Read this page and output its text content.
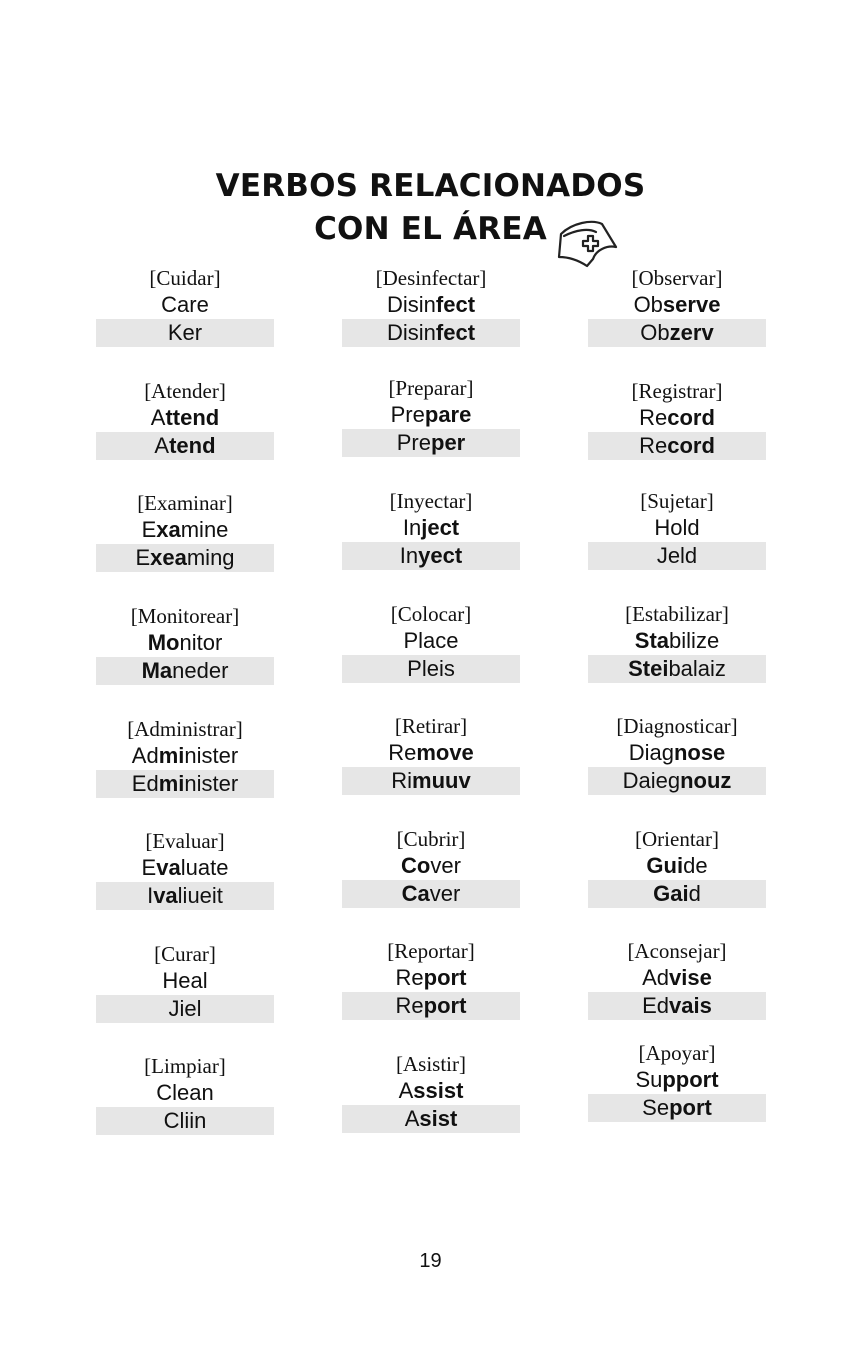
VERBOS RELACIONADOS
CON EL ÁREA
[Cuidar]
Care
Ker
[Atender]
Attend
Atend
[Examinar]
Examine
Exeaming
[Monitorear]
Monitor
Maneder
[Administrar]
Administer
Edminister
[Evaluar]
Evaluate
Ivaliueit
[Curar]
Heal
Jiel
[Limpiar]
Clean
Cliin
[Desinfectar]
Disinfect
Disinfect
[Preparar]
Prepare
Preper
[Inyectar]
Inject
Inyect
[Colocar]
Place
Pleis
[Retirar]
Remove
Rimuuv
[Cubrir]
Cover
Caver
[Reportar]
Report
Report
[Asistir]
Assist
Asist
[Observar]
Observe
Obzerv
[Registrar]
Record
Record
[Sujetar]
Hold
Jeld
[Estabilizar]
Stabilize
Steibalaiz
[Diagnosticar]
Diagnose
Daiegnouz
[Orientar]
Guide
Gaid
[Aconsejar]
Advise
Edvais
[Apoyar]
Support
Seport
19
